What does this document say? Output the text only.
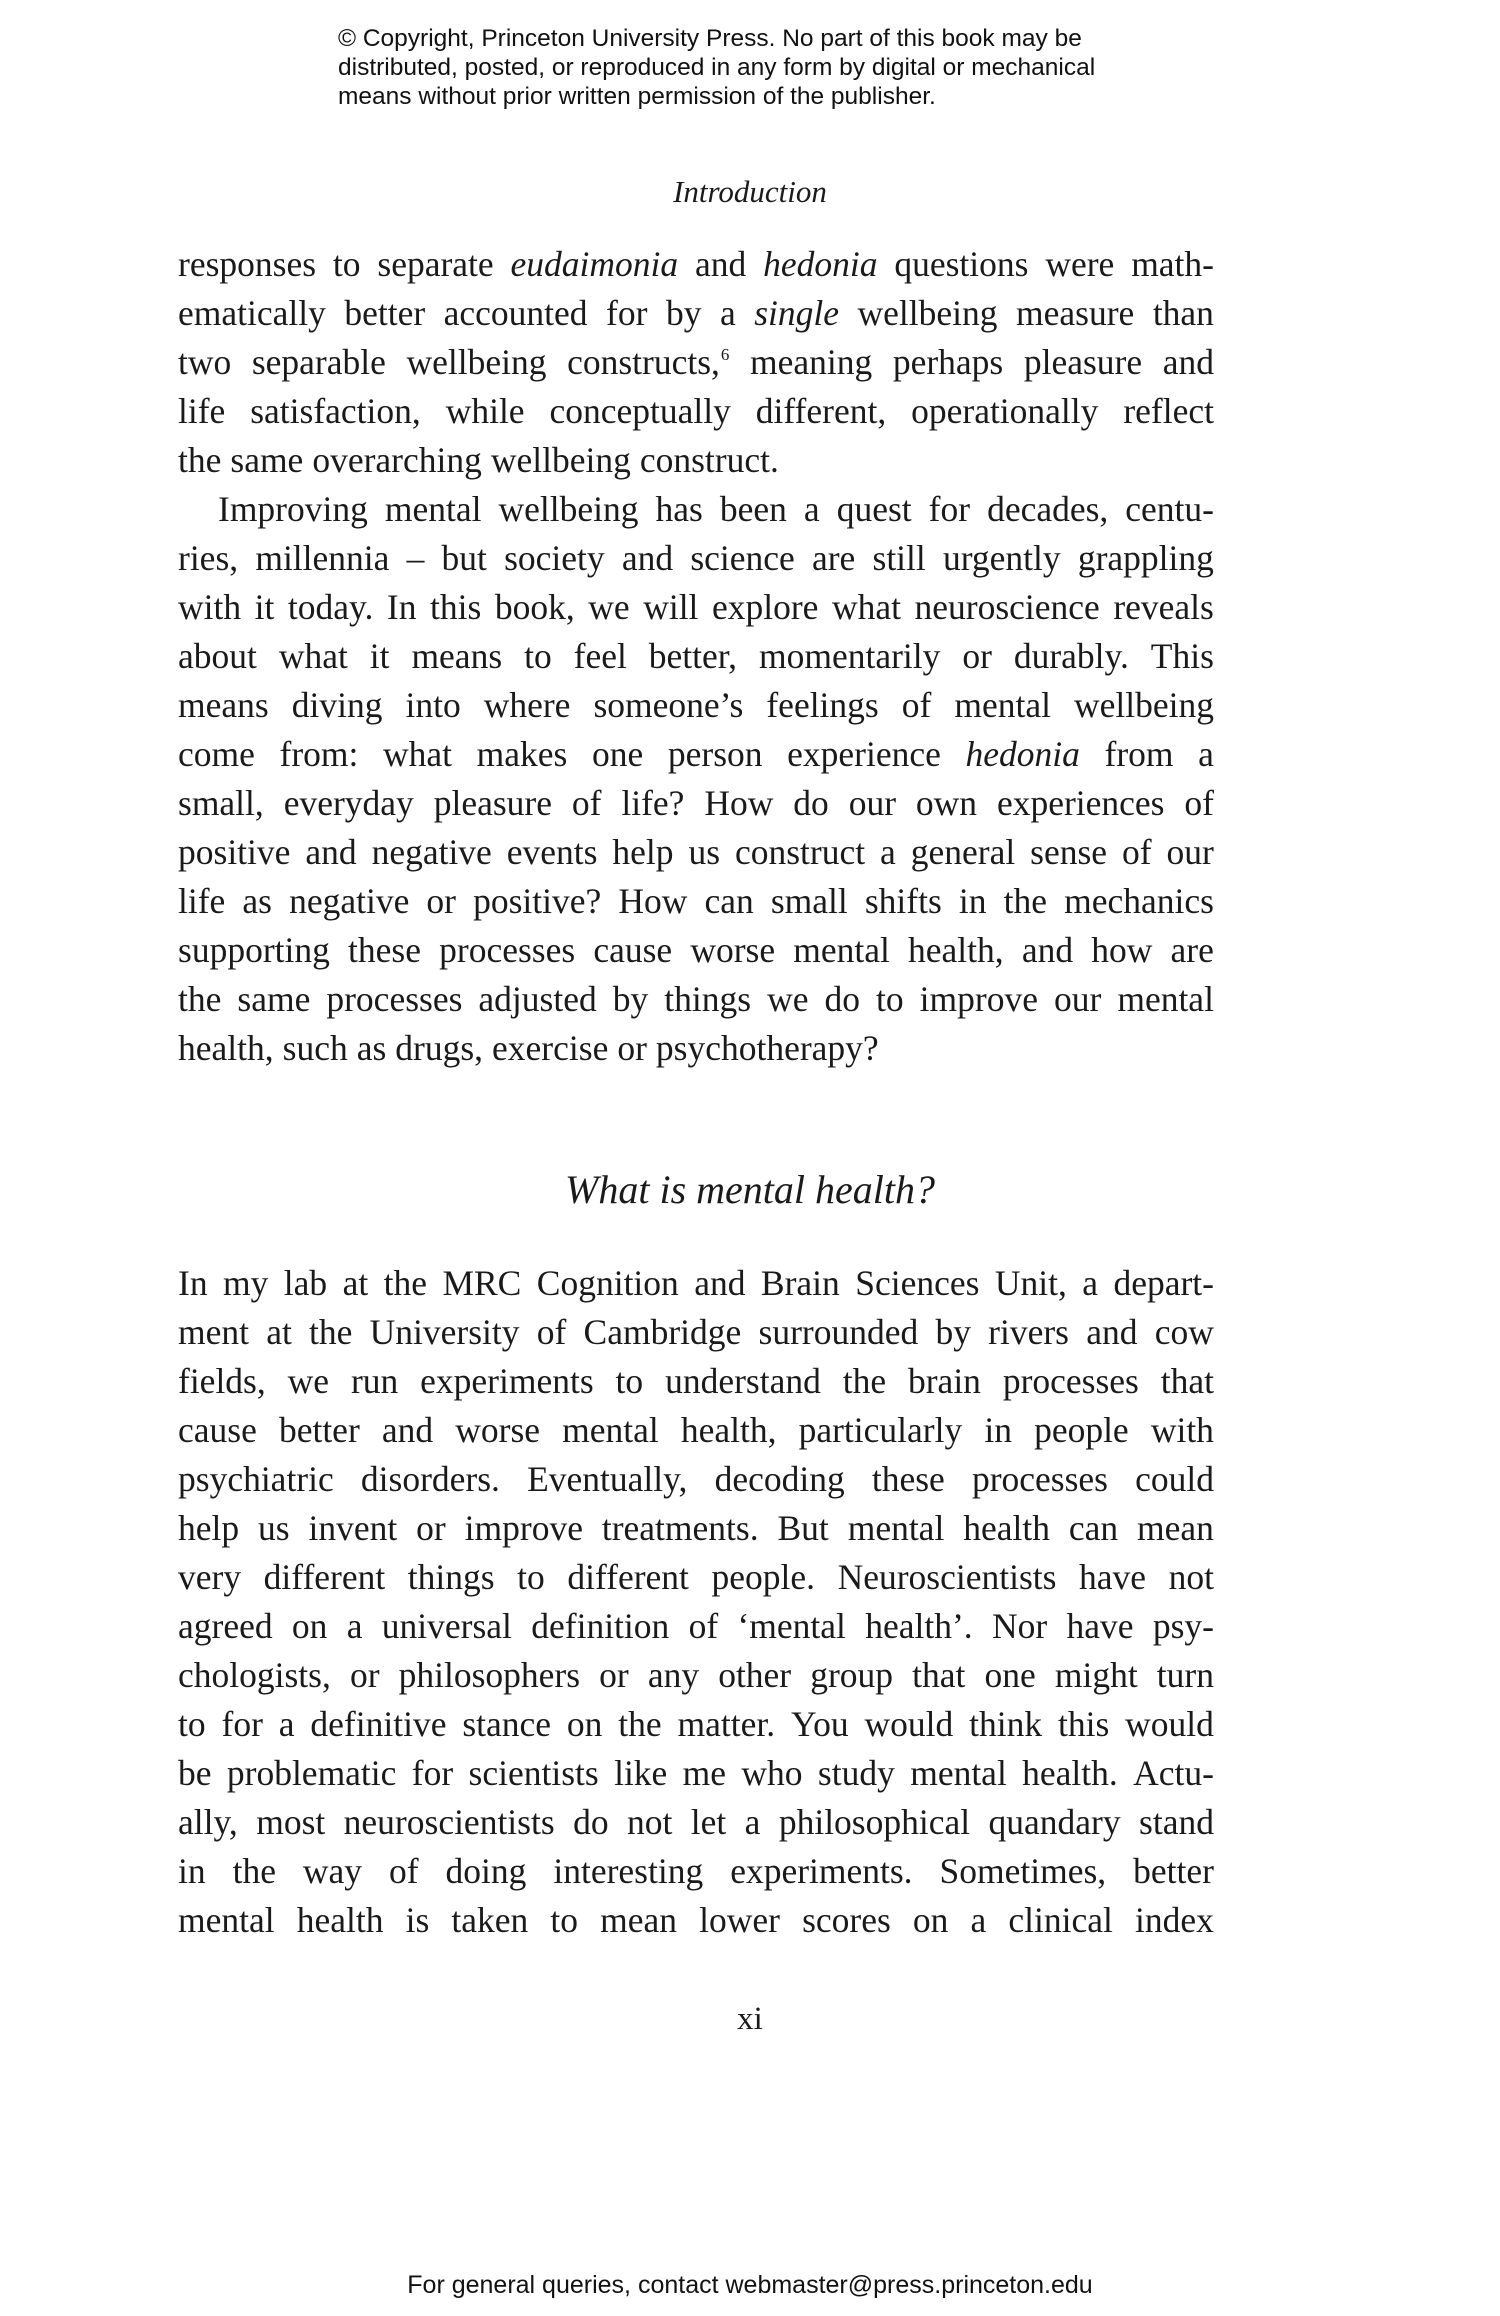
© Copyright, Princeton University Press. No part of this book may be
distributed, posted, or reproduced in any form by digital or mechanical
means without prior written permission of the publisher.
Introduction
responses to separate eudaimonia and hedonia questions were math-
ematically better accounted for by a single wellbeing measure than
two separable wellbeing constructs,$^6$ meaning perhaps pleasure and
life satisfaction, while conceptually different, operationally reflect
the same overarching wellbeing construct.
Improving mental wellbeing has been a quest for decades, centu-
ries, millennia – but society and science are still urgently grappling
with it today. In this book, we will explore what neuroscience reveals
about what it means to feel better, momentarily or durably. This
means diving into where someone’s feelings of mental wellbeing
come from: what makes one person experience hedonia from a
small, everyday pleasure of life? How do our own experiences of
positive and negative events help us construct a general sense of our
life as negative or positive? How can small shifts in the mechanics
supporting these processes cause worse mental health, and how are
the same processes adjusted by things we do to improve our mental
health, such as drugs, exercise or psychotherapy?
What is mental health?
In my lab at the MRC Cognition and Brain Sciences Unit, a depart-
ment at the University of Cambridge surrounded by rivers and cow
fields, we run experiments to understand the brain processes that
cause better and worse mental health, particularly in people with
psychiatric disorders. Eventually, decoding these processes could
help us invent or improve treatments. But mental health can mean
very different things to different people. Neuroscientists have not
agreed on a universal definition of ‘mental health’. Nor have psy-
chologists, or philosophers or any other group that one might turn
to for a definitive stance on the matter. You would think this would
be problematic for scientists like me who study mental health. Actu-
ally, most neuroscientists do not let a philosophical quandary stand
in the way of doing interesting experiments. Sometimes, better
mental health is taken to mean lower scores on a clinical index
xi
For general queries, contact webmaster@press.princeton.edu
